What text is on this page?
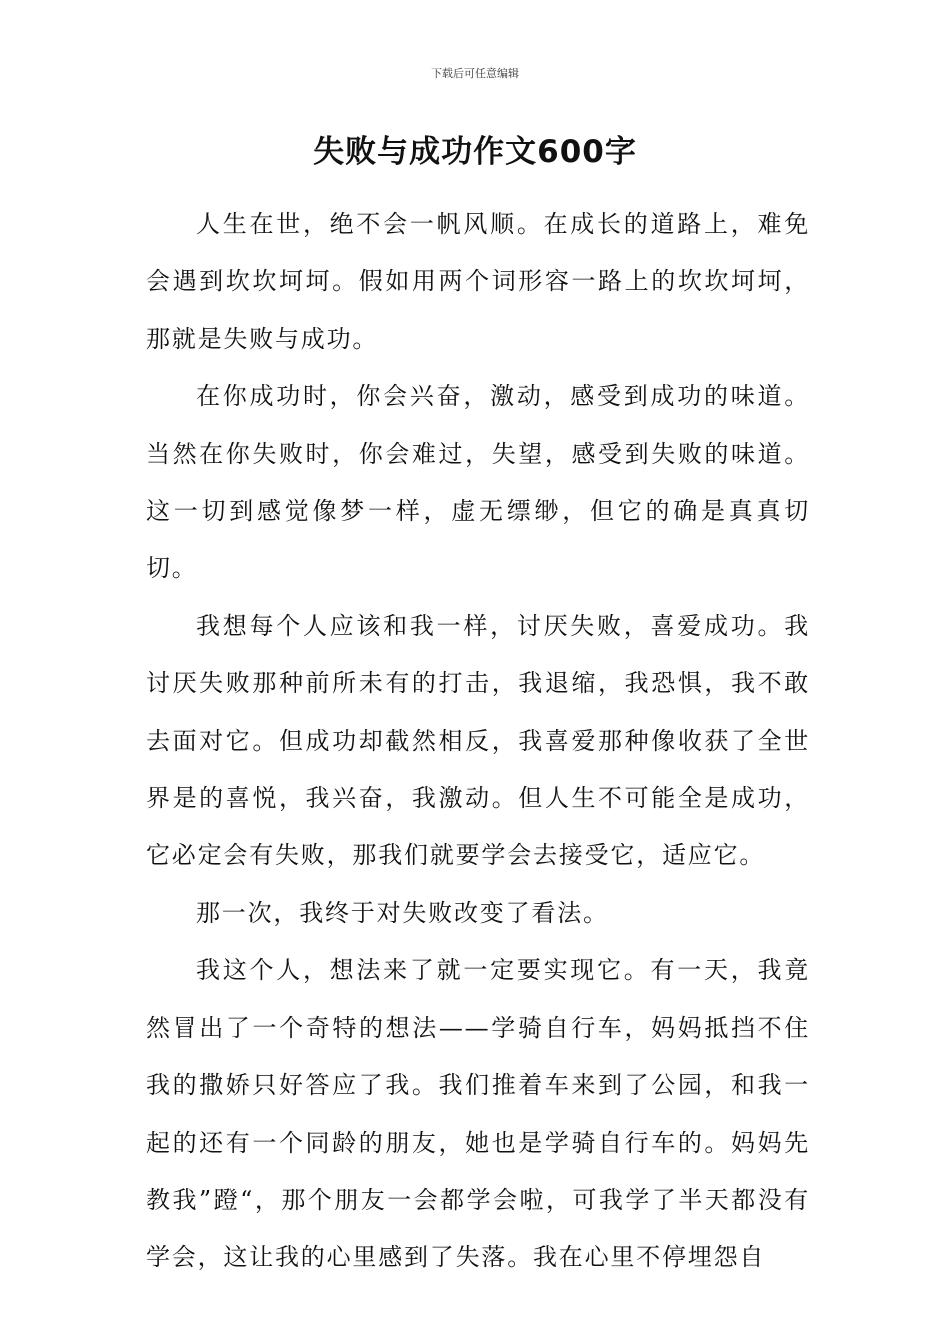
下载后可任意编辑
失败与成功作文600字

人生在世，绝不会一帆风顺。在成长的道路上，难免会遇到坎坎坷坷。假如用两个词形容一路上的坎坎坷坷，那就是失败与成功。

在你成功时，你会兴奋，激动，感受到成功的味道。当然在你失败时，你会难过，失望，感受到失败的味道。这一切到感觉像梦一样，虚无缥缈，但它的确是真真切切。

我想每个人应该和我一样，讨厌失败，喜爱成功。我讨厌失败那种前所未有的打击，我退缩，我恐惧，我不敢去面对它。但成功却截然相反，我喜爱那种像收获了全世界是的喜悦，我兴奋，我激动。但人生不可能全是成功，它必定会有失败，那我们就要学会去接受它，适应它。

那一次，我终于对失败改变了看法。

我这个人，想法来了就一定要实现它。有一天，我竟然冒出了一个奇特的想法——学骑自行车，妈妈抵挡不住我的撒娇只好答应了我。我们推着车来到了公园，和我一起的还有一个同龄的朋友，她也是学骑自行车的。妈妈先教我”蹬“，那个朋友一会都学会啦，可我学了半天都没有学会，这让我的心里感到了失落。我在心里不停埋怨自
